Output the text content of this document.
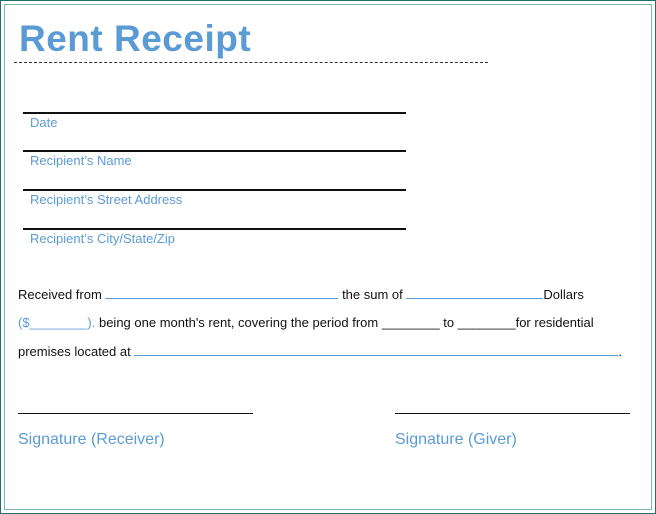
Rent Receipt
Date
Recipient’s Name
Recipient’s Street Address
Recipient’s City/State/Zip
Received from	the sum of	Dollars
($________). being one month's rent, covering the period from ________ to ________for residential
premises located at	.
Signature (Receiver)	Signature (Giver)
